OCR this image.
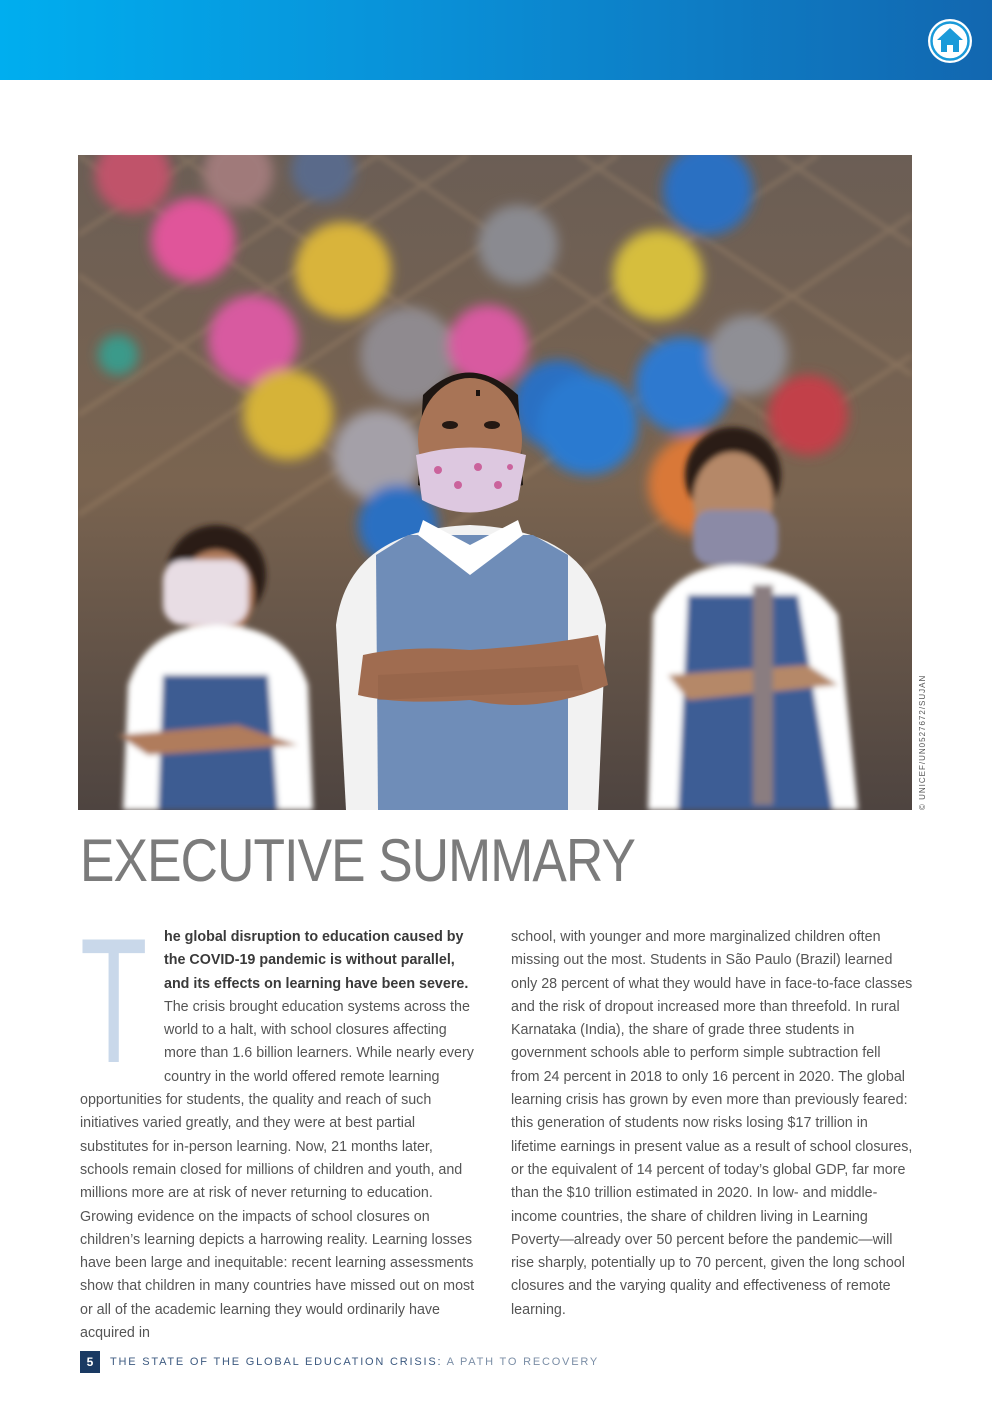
© UNICEF/UN0527672/SUJAN
EXECUTIVE SUMMARY
T he global disruption to education caused by the COVID-19 pandemic is without parallel, and its effects on learning have been severe. The crisis brought education systems across the world to a halt, with school closures affecting more than 1.6 billion learners. While nearly every country in the world offered remote learning opportunities for students, the quality and reach of such initiatives varied greatly, and they were at best partial substitutes for in-person learning. Now, 21 months later, schools remain closed for millions of children and youth, and millions more are at risk of never returning to education. Growing evidence on the impacts of school closures on children’s learning depicts a harrowing reality. Learning losses have been large and inequitable: recent learning assessments show that children in many countries have missed out on most or all of the academic learning they would ordinarily have acquired in
school, with younger and more marginalized children often missing out the most. Students in São Paulo (Brazil) learned only 28 percent of what they would have in face-to-face classes and the risk of dropout increased more than threefold. In rural Karnataka (India), the share of grade three students in government schools able to perform simple subtraction fell from 24 percent in 2018 to only 16 percent in 2020. The global learning crisis has grown by even more than previously feared: this generation of students now risks losing $17 trillion in lifetime earnings in present value as a result of school closures, or the equivalent of 14 percent of today’s global GDP, far more than the $10 trillion estimated in 2020. In low- and middle-income countries, the share of children living in Learning Poverty—already over 50 percent before the pandemic—will rise sharply, potentially up to 70 percent, given the long school closures and the varying quality and effectiveness of remote learning.
5	THE STATE OF THE GLOBAL EDUCATION CRISIS: A PATH TO RECOVERY
